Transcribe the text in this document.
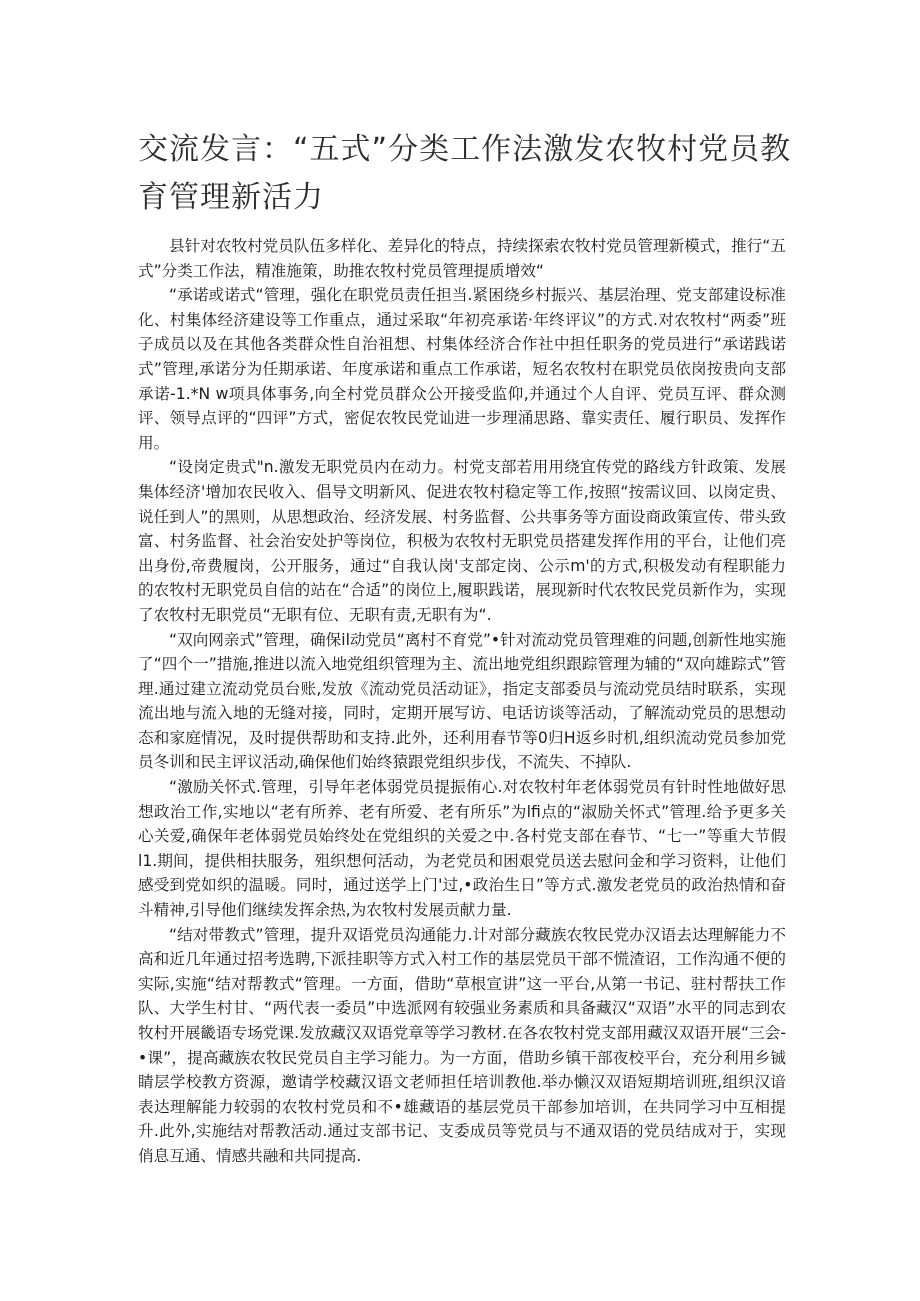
交流发言：“五式”分类工作法激发农牧村党员教育管理新活力

县针对农牧村党员队伍多样化、差异化的特点，持续探索农牧村党员管理新模式，推行“五式”分类工作法，精准施策，助推农牧村党员管理提质增效“

“承诺或诺式“管理，强化在职党员责任担当.紧困绕乡村振兴、基层治理、党支部建设标准化、村集体经济建设等工作重点，通过采取“年初亮承诺·年终评议”的方式.对农牧村“两委”班子成员以及在其他各类群众性自治祖想、村集体经济合作社中担任职务的党员进行“承诺践诺式”管理,承诺分为任期承诺、年度承诺和重点工作承诺，短名农牧村在职党员依岗按贵向支部承诺-1.*N w项具体事务,向全村党员群众公开接受监仰,并通过个人自评、党员互评、群众测评、领导点评的“四评”方式，密促农牧民党讪进一步理涌思路、靠实责任、履行职员、发挥作用。

“设岗定贵式"n.激发无职党员内在动力。村党支部若用用绕宜传党的路线方针政策、发展集体经济'增加农民收入、倡导文明新风、促进农牧村稳定等工作,按照“按需议回、以岗定贵、说任到人”的黑则，从思想政治、经济发展、村务监督、公共事务等方面设商政策宣传、带头致富、村务监督、社会治安处护等岗位，积极为农牧村无职党员搭建发挥作用的平台，让他们亮出身份,帝费履岗，公开服务，通过“自我认岗'支部定岗、公示m'的方式,积极发动有程职能力的农牧村无职党员自信的站在“合适”的岗位上,履职践诺，展现新时代农牧民党员新作为，实现了农牧村无职党员“无职有位、无职有责,无职有为“.

“双向网亲式”管理，确保il动党员“离村不育党”•针对流动党员管理难的问题,创新性地实施了“四个一”措施,推进以流入地党组织管理为主、流出地党组织跟踪管理为辅的“双向雄踪式”管理.通过建立流动党员台账,发放《流动党员活动证》，指定支部委员与流动党员结时联系，实现流出地与流入地的无缝对接，同时，定期开展写访、电话访谈等活动，了解流动党员的思想动态和家庭情况，及时提供帮助和支持.此外，还利用春节等0归H返乡时机,组织流动党员参加党员冬训和民主评议活动,确保他们始终猿跟党组织步伐，不流失、不掉队.

“激励关怀式.管理，引导年老体弱党员提振侑心.对农牧村年老体弱党员有针时性地做好思想政治工作,实地以“老有所养、老有所爱、老有所乐”为lfi点的“淑励关怀式”管理.给予更多关心关爱,确保年老体弱党员始终处在党组织的关爱之中.各村党支部在春节、“七一”等重大节假l1.期间，提供相扶服务，殂织想何活动，为老党员和困艰党员送去慰问金和学习资料，让他们感受到党如织的温暖。同时，通过送学上门'过,•政治生日”等方式.激发老党员的政治热情和奋斗精神,引导他们继续发挥余热,为农牧村发展贡献力量.

“结对带教式”管理，提升双语党员沟通能力.计对部分藏族农牧民党办汉语去达理解能力不高和近几年通过招考选聘,下派挂职等方式入村工作的基层党员干部不慌渣诏，工作沟通不便的实际,实施“结对帮教式“管理。一方面，借助“草根宣讲”这一平台,从第一书记、驻村帮扶工作队、大学生村甘、“两代表一委员”中选派网有较强业务素质和具备藏汉“双语”水平的同志到农牧村开展畿语专场党课.发放藏汉双语党章等学习教材.在各农牧村党支部用藏汉双语开展“三会-•课”，提高藏族农牧民党员自主学习能力。为一方面，借助乡镇干部夜校平台，充分利用乡铖睛层学校教方资源，邀请学校藏汉语文老师担任培训教他.举办懒汉双语短期培训班,组织汉谙表达理解能力较弱的农牧村党员和不•雄藏语的基层党员干部参加培训，在共同学习中互相提升.此外,实施结对帮教活动.通过支部书记、支委成员等党员与不通双语的党员结成对于，实现俏息互通、情感共融和共同提高.
